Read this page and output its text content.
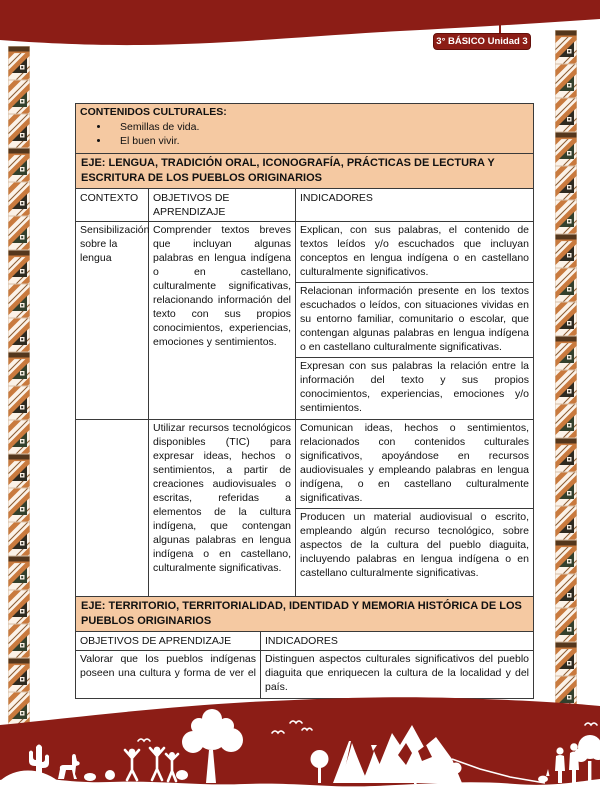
3° BÁSICO Unidad 3
CONTENIDOS CULTURALES:
• Semillas de vida.
• El buen vivir.

EJE: LENGUA, TRADICIÓN ORAL, ICONOGRAFÍA, PRÁCTICAS DE LECTURA Y ESCRITURA DE LOS PUEBLOS ORIGINARIOS		
CONTEXTO	OBJETIVOS DE APRENDIZAJE	INDICADORES
Sensibilización sobre la lengua	Comprender textos breves que incluyan algunas palabras en lengua indígena o en castellano, culturalmente significativas, relacionando información del texto con sus propios conocimientos, experiencias, emociones y sentimientos.	Explican, con sus palabras, el contenido de textos leídos y/o escuchados que incluyan conceptos en lengua indígena o en castellano culturalmente significativos.
		Relacionan información presente en los textos escuchados o leídos, con situaciones vividas en su entorno familiar, comunitario o escolar, que contengan algunas palabras en lengua indígena o en castellano culturalmente significativas.
		Expresan con sus palabras la relación entre la información del texto y sus propios conocimientos, experiencias, emociones y/o sentimientos.
	Utilizar recursos tecnológicos disponibles (TIC) para expresar ideas, hechos o sentimientos, a partir de creaciones audiovisuales o escritas, referidas a elementos de la cultura indígena, que contengan algunas palabras en lengua indígena o en castellano, culturalmente significativas.	Comunican ideas, hechos o sentimientos, relacionados con contenidos culturales significativos, apoyándose en recursos audiovisuales y empleando palabras en lengua indígena, o en castellano culturalmente significativas.
		Producen un material audiovisual o escrito, empleando algún recurso tecnológico, sobre aspectos de la cultura del pueblo diaguita, incluyendo palabras en lengua indígena o en castellano culturalmente significativas.
EJE: TERRITORIO, TERRITORIALIDAD, IDENTIDAD Y MEMORIA HISTÓRICA DE LOS PUEBLOS ORIGINARIOS	
OBJETIVOS DE APRENDIZAJE	INDICADORES
Valorar que los pueblos indígenas poseen una cultura y forma de ver el	Distinguen aspectos culturales significativos del pueblo diaguita que enriquecen la cultura de la localidad y del país.
